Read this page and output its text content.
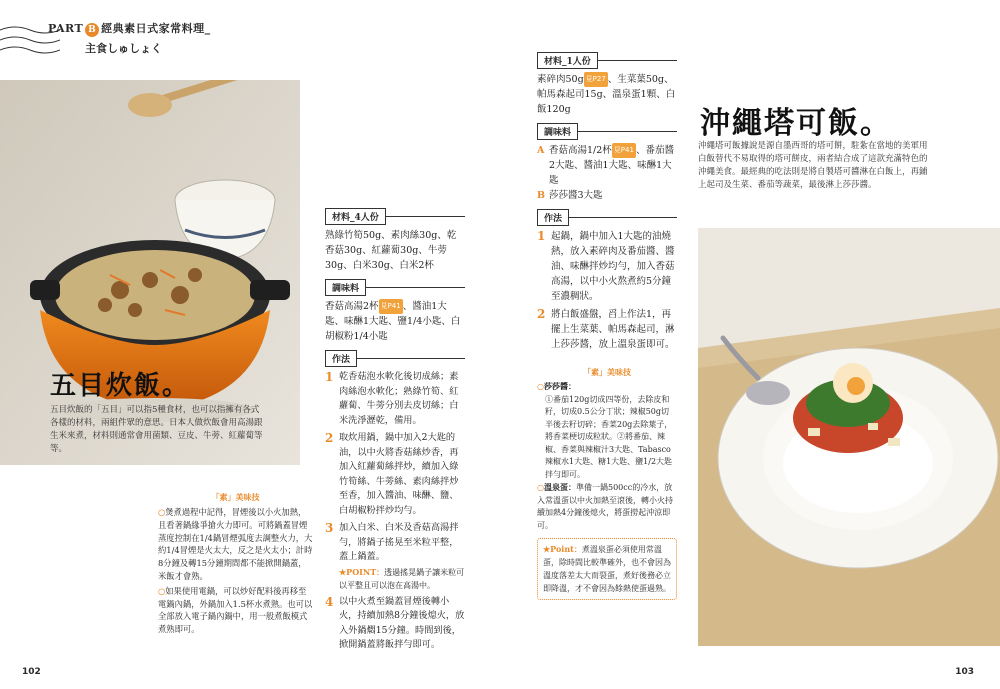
PART B 經典素日式家常料理_
主食しゅしょく
五目炊飯。
五目炊飯的「五目」可以指5種食材，也可以指擁有各式各樣的材料，兩組件眾的意思。日本人做炊飯會用高湯跟生米來煮，材料則通常會用菌類、豆皮、牛蒡、紅蘿蔔等等。
「素」美味技
○煲煮過程中記得，冒煙後以小火加熱，且看著鍋緣爭搶火力即可。可將鍋蓋冒煙蒸度控制在1/4鍋冒煙弧度去調整火力，大約1/4冒煙是火太大，反之是火太小；計時8分鐘及轉15分鐘期間都不能掀開鍋蓋，米飯才會熟。
○如果使用電鍋，可以炒好配料後再移至電鍋內鍋，外鍋加入1.5杯水煮熟。也可以全部放入電子鍋內鍋中，用一般煮飯模式煮熟即可。
材料_4人份
熟綠竹筍50g、素肉絲30g、乾香菇30g、紅蘿蔔30g、牛蒡30g、白米30g、白米2杯
調味料
香菇高湯2杯 見P41 、醬油1大匙、味醂1大匙、鹽1/4小匙、白胡椒粉1/4小匙
作法
1 乾香菇泡水軟化後切成絲；素肉絲泡水軟化；熟綠竹筍、紅蘿蔔、牛蒡分別去皮切絲；白米洗淨瀝乾，備用。
2 取炊用鍋，鍋中加入2大匙的油，以中火將香菇絲炒香，再加入紅蘿蔔絲拌炒，續加入綠竹筍絲、牛蒡絲、素肉絲拌炒至香，加入醬油、味醂、鹽、白胡椒粉拌炒均勻。
3 加入白米、白米及香菇高湯拌勻，將鍋子搖晃至米粒平整，蓋上鍋蓋。
★POINT：透過搖晃鍋子讓米粒可以平整且可以泡在高湯中。
4 以中火煮至鍋蓋冒煙後轉小火，持續加熱8分鐘後熄火，放入外鍋燜15分鐘。時間到後，掀開鍋蓋將飯拌勻即可。
102
材料_1人份
素碎肉50g 見P27 、生菜葉50g、帕馬森起司15g、溫泉蛋1顆、白飯120g
調味料
A 香菇高湯1/2杯 見P41 、番茄醬2大匙、醬油1大匙、味醂1大匙
B 莎莎醬3大匙
作法
1 起鍋，鍋中加入1大匙的油燒熱，放入素碎肉及番茄醬、醬油、味醂拌炒均勻，加入香菇高湯，以中小火熬煮約5分鐘至濃稠狀。
2 將白飯盛盤，舀上作法1，再擺上生菜葉、帕馬森起司，淋上莎莎醬，放上溫泉蛋即可。
「素」美味技
○莎莎醬：
①番茄120g切成四等份，去除皮和籽，切成0.5公分丁狀；辣椒50g切半後去籽切碎；香菜20g去除葉子，將香菜梗切成粒狀。②將番茄、辣椒、香菜與辣椒汁3大匙、Tabasco辣椒水1大匙、糖1大匙、鹽1/2大匙拌勻即可。
○溫泉蛋：準備一鍋500cc的冷水，放入常溫蛋以中火加熱至滾後，轉小火持續加熱4分鐘後熄火，將蛋撈起沖涼即可。
★Point：煮溫泉蛋必須使用常溫蛋，除時間比較準確外，也不會因為溫度落差太大而裂蛋，煮好後務必立即降溫，才不會因為餘熱使蛋過熟。
沖繩塔可飯。
沖繩塔可飯據說是源自墨西哥的塔可餅，駐紮在當地的美軍用白飯替代不易取得的塔可餅皮，兩者結合成了這款充滿特色的沖繩美食。最經典的吃法則是將自製塔可醬淋在白飯上，再鋪上起司及生菜、番茄等蔬菜，最後淋上莎莎醬。
103
